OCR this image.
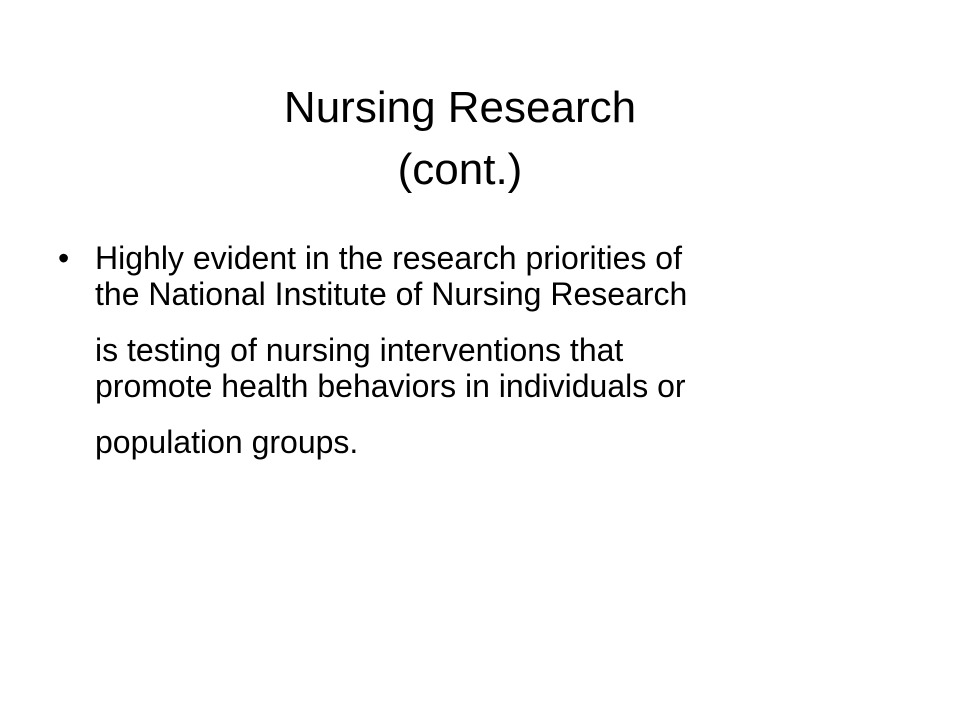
Nursing Research
(cont.)
• Highly evident in the research priorities of
the National Institute of Nursing Research
is testing of nursing interventions that
promote health behaviors in individuals or
population groups.
